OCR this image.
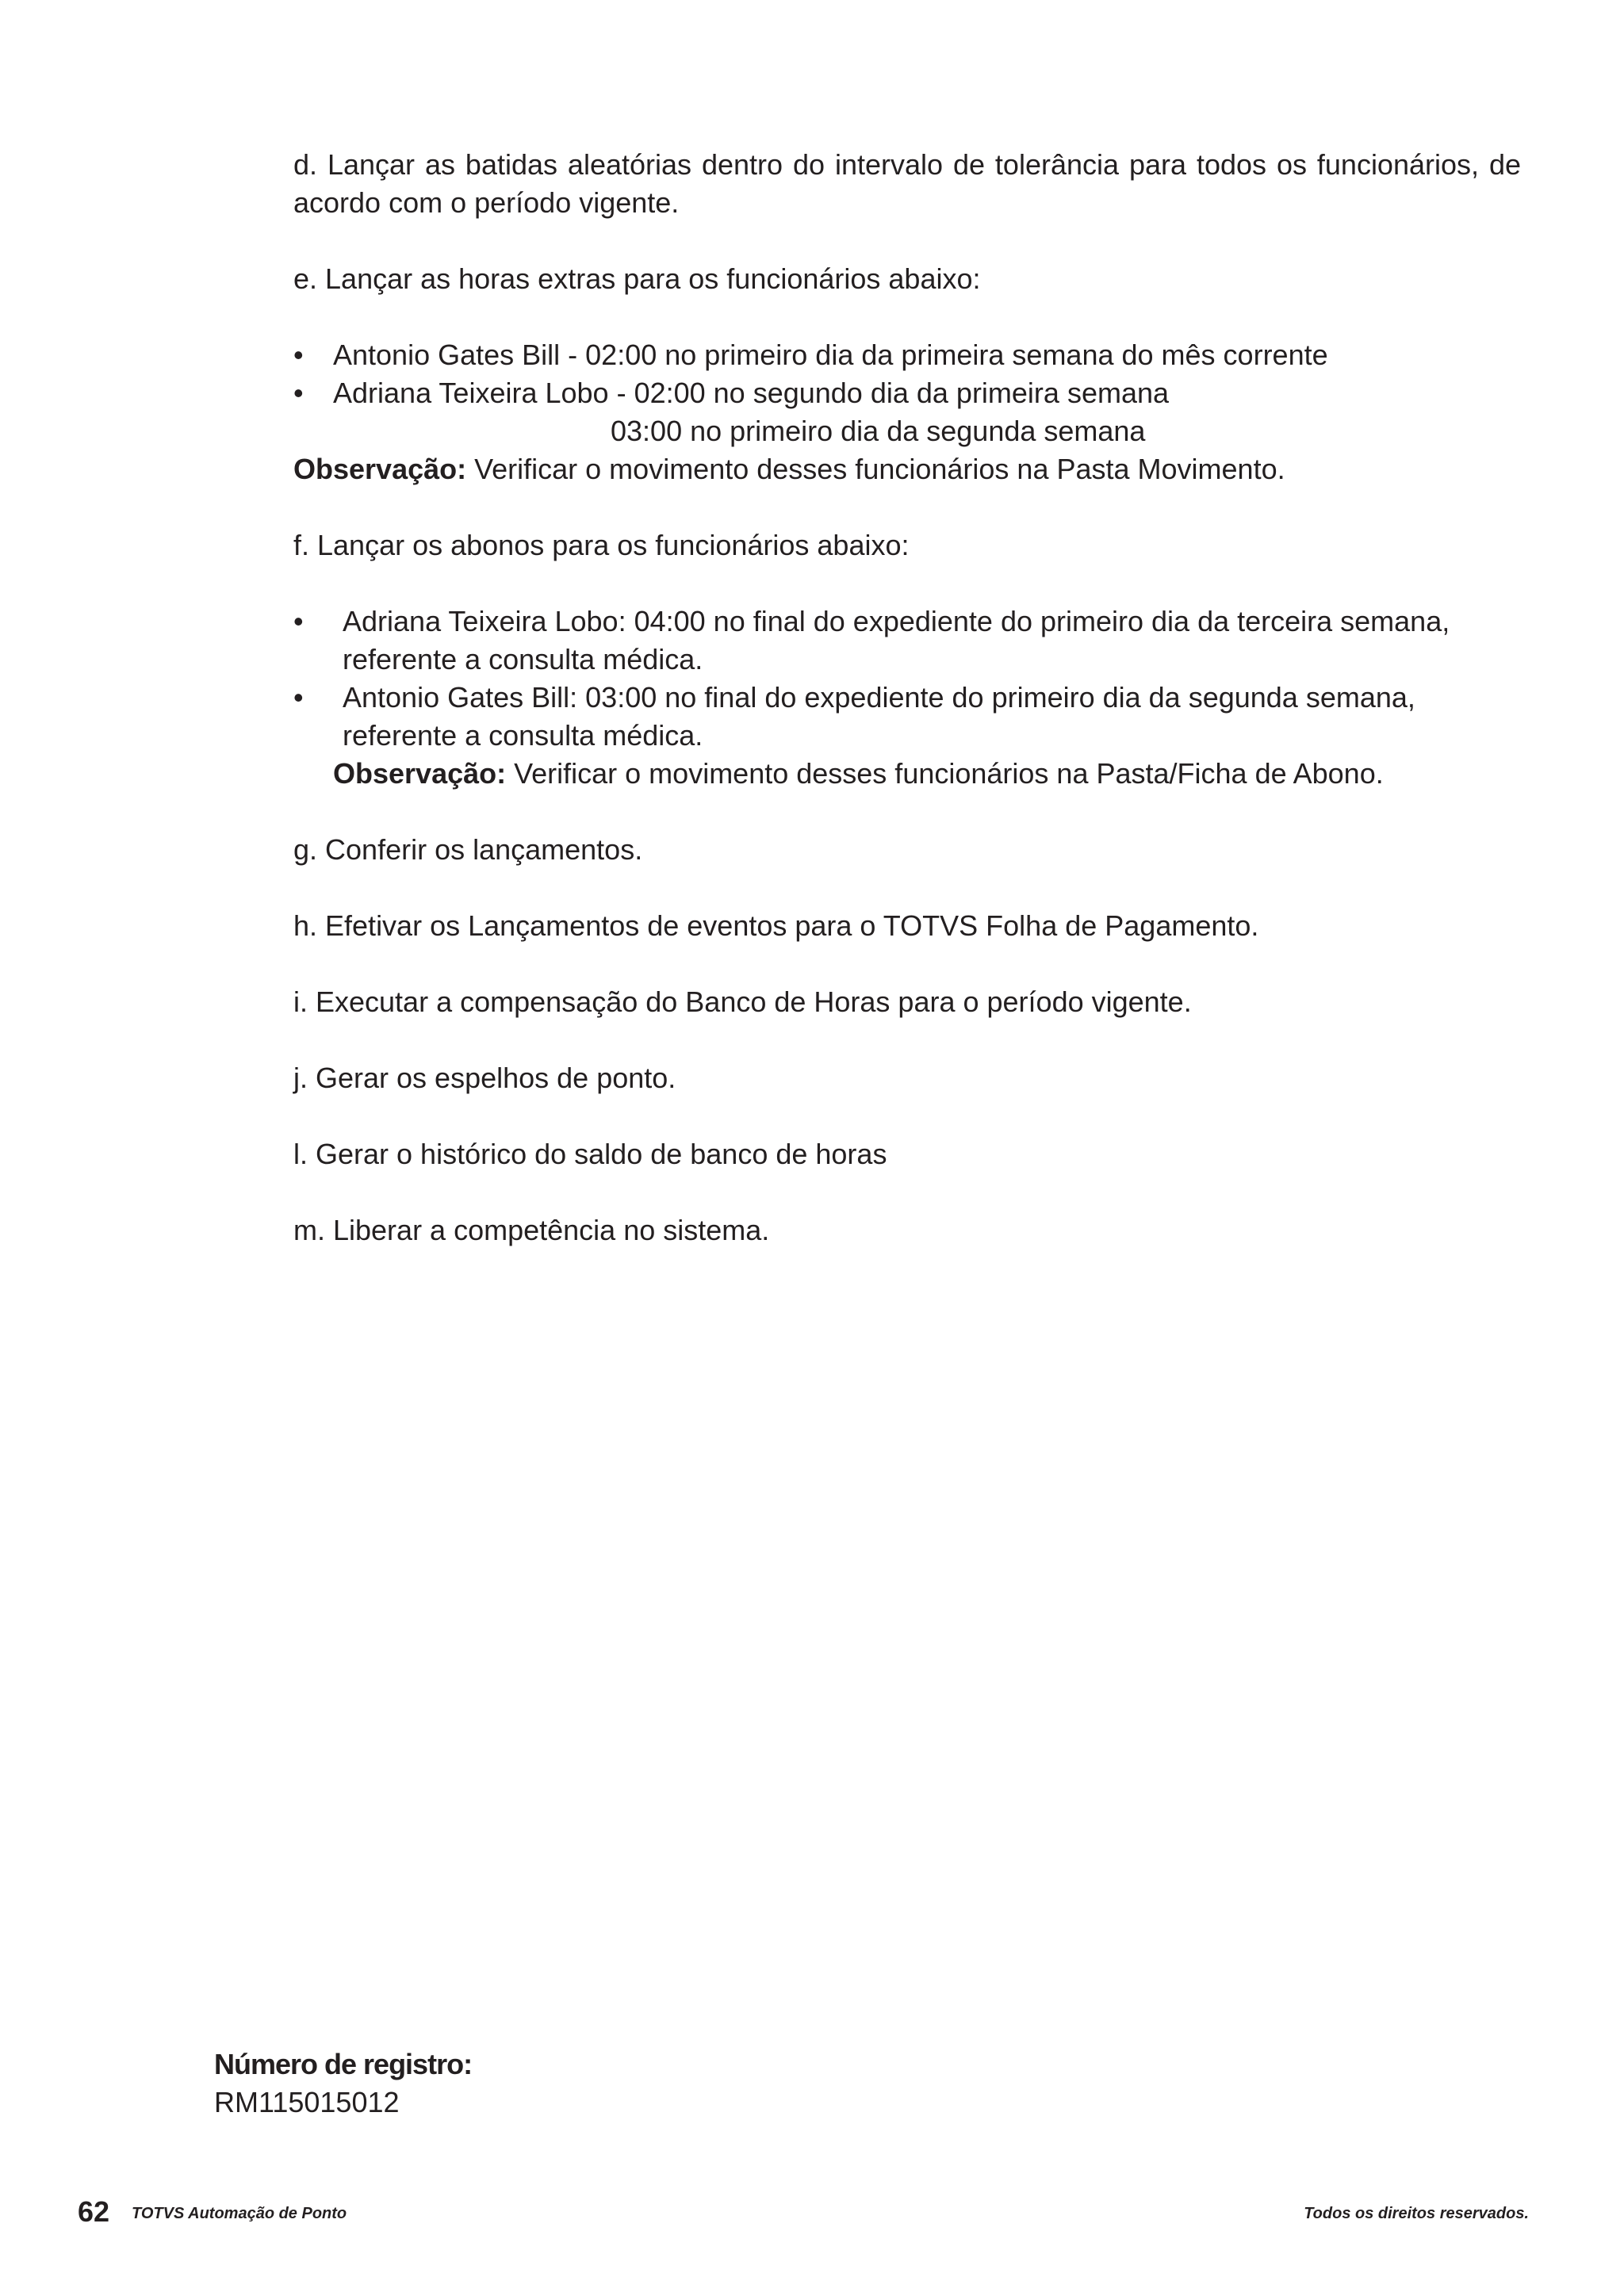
d. Lançar as batidas aleatórias dentro do intervalo de tolerância para todos os funcionários, de acordo com o período vigente.

e. Lançar as horas extras para os funcionários abaixo:

• Antonio Gates Bill - 02:00 no primeiro dia da primeira semana do mês corrente
• Adriana Teixeira Lobo - 02:00 no segundo dia da primeira semana
03:00 no primeiro dia da segunda semana
Observação: Verificar o movimento desses funcionários na Pasta Movimento.

f. Lançar os abonos para os funcionários abaixo:

• Adriana Teixeira Lobo: 04:00 no final do expediente do primeiro dia da terceira semana, referente a consulta médica.
• Antonio Gates Bill: 03:00 no final do expediente do primeiro dia da segunda semana, referente a consulta médica.
Observação: Verificar o movimento desses funcionários na Pasta/Ficha de Abono.

g. Conferir os lançamentos.

h. Efetivar os Lançamentos de eventos para o TOTVS Folha de Pagamento.

i. Executar a compensação do Banco de Horas para o período vigente.

j. Gerar os espelhos de ponto.

l. Gerar o histórico do saldo de banco de horas

m. Liberar a competência no sistema.

Número de registro:
RM115015012
62 TOTVS Automação de Ponto	Todos os direitos reservados.
